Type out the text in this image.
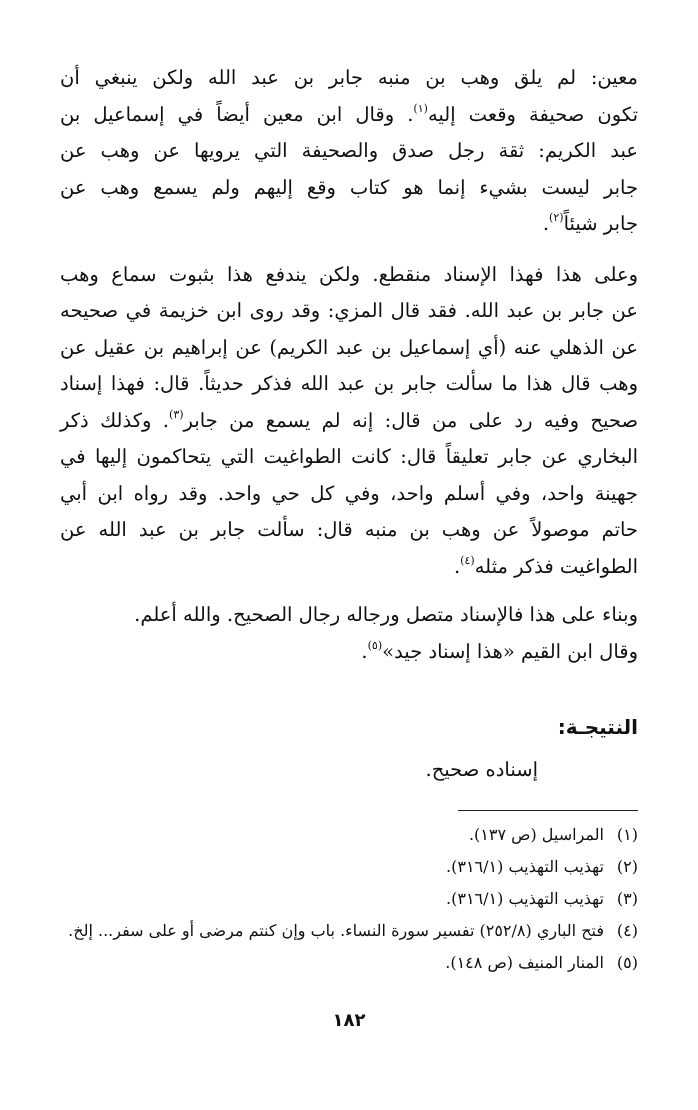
معين: لم يلق وهب بن منبه جابر بن عبد الله ولكن ينبغي أن
تكون صحيفة وقعت إليه$^{(١)}$. وقال ابن معين أيضاً في إسماعيل بن
عبد الكريم: ثقة رجل صدق والصحيفة التي يرويها عن وهب عن
جابر ليست بشيء إنما هو كتاب وقع إليهم ولم يسمع وهب عن
جابر شيئاً$^{(٢)}$.
وعلى هذا فهذا الإسناد منقطع. ولكن يندفع هذا بثبوت سماع وهب
عن جابر بن عبد الله. فقد قال المزي: وقد روى ابن خزيمة في صحيحه
عن الذهلي عنه (أي إسماعيل بن عبد الكريم) عن إبراهيم بن عقيل عن
وهب قال هذا ما سألت جابر بن عبد الله فذكر حديثاً. قال: فهذا إسناد
صحيح وفيه رد على من قال: إنه لم يسمع من جابر$^{(٣)}$. وكذلك ذكر
البخاري عن جابر تعليقاً قال: كانت الطواغيت التي يتحاكمون إليها في
جهينة واحد، وفي أسلم واحد، وفي كل حي واحد. وقد رواه ابن أبي
حاتم موصولاً عن وهب بن منبه قال: سألت جابر بن عبد الله عن
الطواغيت فذكر مثله$^{(٤)}$.
وبناء على هذا فالإسناد متصل ورجاله رجال الصحيح. والله أعلم.
وقال ابن القيم «هذا إسناد جيد»$^{(٥)}$.
النتيجـة:
إسناده صحيح.
(١)
المراسيل (ص ١٣٧).
(٢)
تهذيب التهذيب (٣١٦/١).
(٣)
تهذيب التهذيب (٣١٦/١).
(٤)
فتح الباري (٢٥٢/٨) تفسير سورة النساء. باب وإن كنتم مرضى أو على سفر... إلخ.
(٥)
المنار المنيف (ص ١٤٨).
١٨٢
